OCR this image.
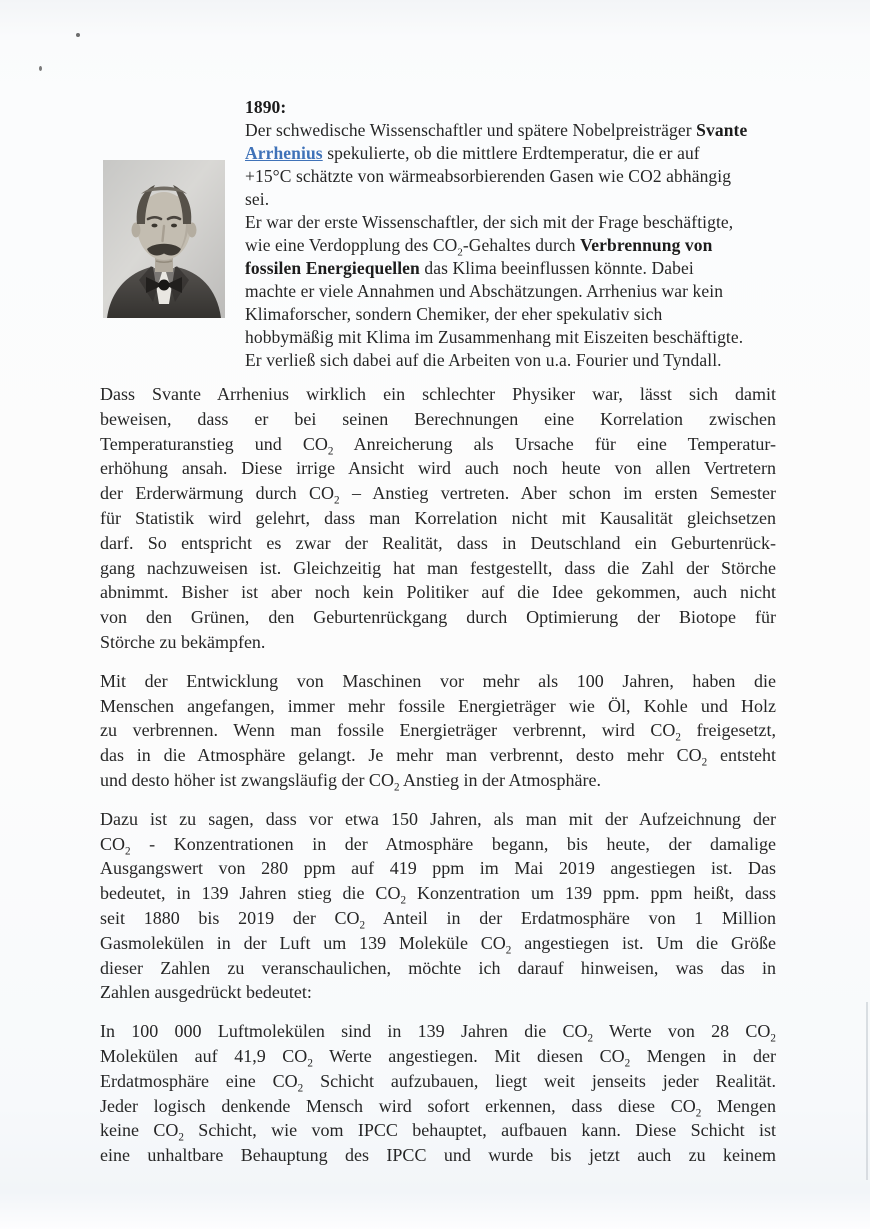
1890:
Der schwedische Wissenschaftler und spätere Nobelpreisträger Svante
Arrhenius spekulierte, ob die mittlere Erdtemperatur, die er auf
+15°C schätzte von wärmeabsorbierenden Gasen wie CO2 abhängig
sei.
Er war der erste Wissenschaftler, der sich mit der Frage beschäftigte,
wie eine Verdopplung des $CO_2$-Gehaltes durch Verbrennung von
fossilen Energiequellen das Klima beeinflussen könnte. Dabei
machte er viele Annahmen und Abschätzungen. Arrhenius war kein
Klimaforscher, sondern Chemiker, der eher spekulativ sich
hobbymäßig mit Klima im Zusammenhang mit Eiszeiten beschäftigte.
Er verließ sich dabei auf die Arbeiten von u.a. Fourier und Tyndall.
Dass Svante Arrhenius wirklich ein schlechter Physiker war, lässt sich damit
beweisen, dass er bei seinen Berechnungen eine Korrelation zwischen
Temperaturanstieg und $CO_2$ Anreicherung als Ursache für eine Temperatur-
erhöhung ansah. Diese irrige Ansicht wird auch noch heute von allen Vertretern
der Erderwärmung durch $CO_2$ – Anstieg vertreten. Aber schon im ersten Semester
für Statistik wird gelehrt, dass man Korrelation nicht mit Kausalität gleichsetzen
darf. So entspricht es zwar der Realität, dass in Deutschland ein Geburtenrück-
gang nachzuweisen ist. Gleichzeitig hat man festgestellt, dass die Zahl der Störche
abnimmt. Bisher ist aber noch kein Politiker auf die Idee gekommen, auch nicht
von den Grünen, den Geburtenrückgang durch Optimierung der Biotope für
Störche zu bekämpfen.
Mit der Entwicklung von Maschinen vor mehr als 100 Jahren, haben die
Menschen angefangen, immer mehr fossile Energieträger wie Öl, Kohle und Holz
zu verbrennen. Wenn man fossile Energieträger verbrennt, wird $CO_2$ freigesetzt,
das in die Atmosphäre gelangt. Je mehr man verbrennt, desto mehr $CO_2$ entsteht
und desto höher ist zwangsläufig der $CO_2$ Anstieg in der Atmosphäre.
Dazu ist zu sagen, dass vor etwa 150 Jahren, als man mit der Aufzeichnung der
$CO_2$ - Konzentrationen in der Atmosphäre begann, bis heute, der damalige
Ausgangswert von 280 ppm auf 419 ppm im Mai 2019 angestiegen ist. Das
bedeutet, in 139 Jahren stieg die $CO_2$ Konzentration um 139 ppm. ppm heißt, dass
seit 1880 bis 2019 der $CO_2$ Anteil in der Erdatmosphäre von 1 Million
Gasmolekülen in der Luft um 139 Moleküle $CO_2$ angestiegen ist. Um die Größe
dieser Zahlen zu veranschaulichen, möchte ich darauf hinweisen, was das in
Zahlen ausgedrückt bedeutet:
In 100 000 Luftmolekülen sind in 139 Jahren die $CO_2$ Werte von 28 $CO_2$
Molekülen auf 41,9 $CO_2$ Werte angestiegen. Mit diesen $CO_2$ Mengen in der
Erdatmosphäre eine $CO_2$ Schicht aufzubauen, liegt weit jenseits jeder Realität.
Jeder logisch denkende Mensch wird sofort erkennen, dass diese $CO_2$ Mengen
keine $CO_2$ Schicht, wie vom IPCC behauptet, aufbauen kann. Diese Schicht ist
eine unhaltbare Behauptung des IPCC und wurde bis jetzt auch zu keinem
